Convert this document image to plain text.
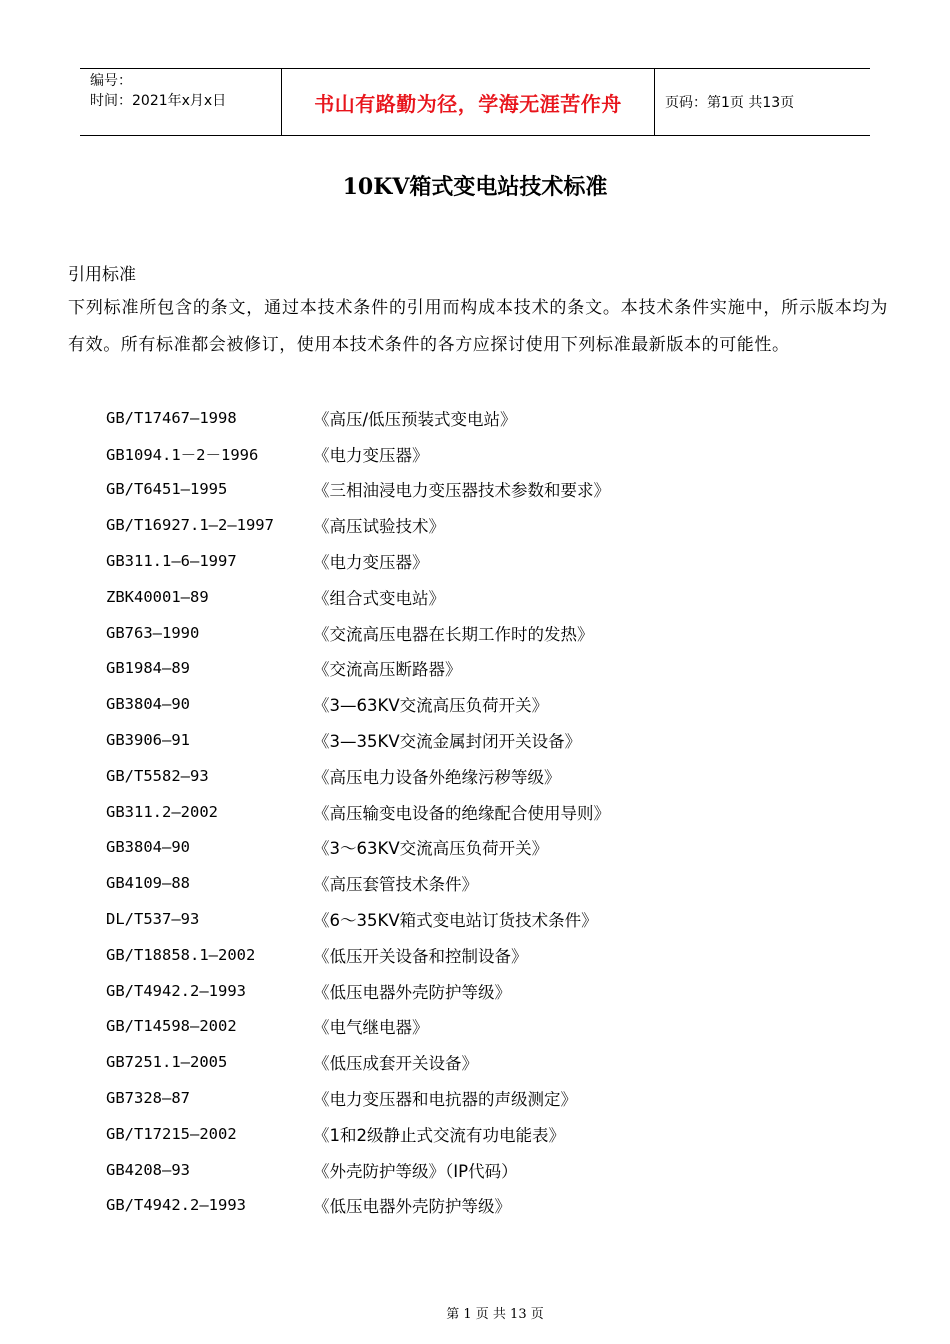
编号：
时间：2021年x月x日	书山有路勤为径，学海无涯苦作舟	页码：第1页 共13页
10KV箱式变电站技术标准
引用标准
下列标准所包含的条文，通过本技术条件的引用而构成本技术的条文。本技术条件实施中，所示版本均为有效。所有标准都会被修订，使用本技术条件的各方应探讨使用下列标准最新版本的可能性。
GB/T17467—1998	《高压/低压预装式变电站》
GB1094.1－2－1996	《电力变压器》
GB/T6451—1995	《三相油浸电力变压器技术参数和要求》
GB/T16927.1—2—1997	《高压试验技术》
GB311.1—6—1997	《电力变压器》
ZBK40001—89	《组合式变电站》
GB763—1990	《交流高压电器在长期工作时的发热》
GB1984—89	《交流高压断路器》
GB3804—90	《3—63KV交流高压负荷开关》
GB3906—91	《3—35KV交流金属封闭开关设备》
GB/T5582—93	《高压电力设备外绝缘污秽等级》
GB311.2—2002	《高压输变电设备的绝缘配合使用导则》
GB3804—90	《3～63KV交流高压负荷开关》
GB4109—88	《高压套管技术条件》
DL/T537—93	《6～35KV箱式变电站订货技术条件》
GB/T18858.1—2002	《低压开关设备和控制设备》
GB/T4942.2—1993	《低压电器外壳防护等级》
GB/T14598—2002	《电气继电器》
GB7251.1—2005	《低压成套开关设备》
GB7328—87	《电力变压器和电抗器的声级测定》
GB/T17215—2002	《1和2级静止式交流有功电能表》
GB4208—93	《外壳防护等级》（IP代码）
GB/T4942.2—1993	《低压电器外壳防护等级》
第 1 页 共 13 页
